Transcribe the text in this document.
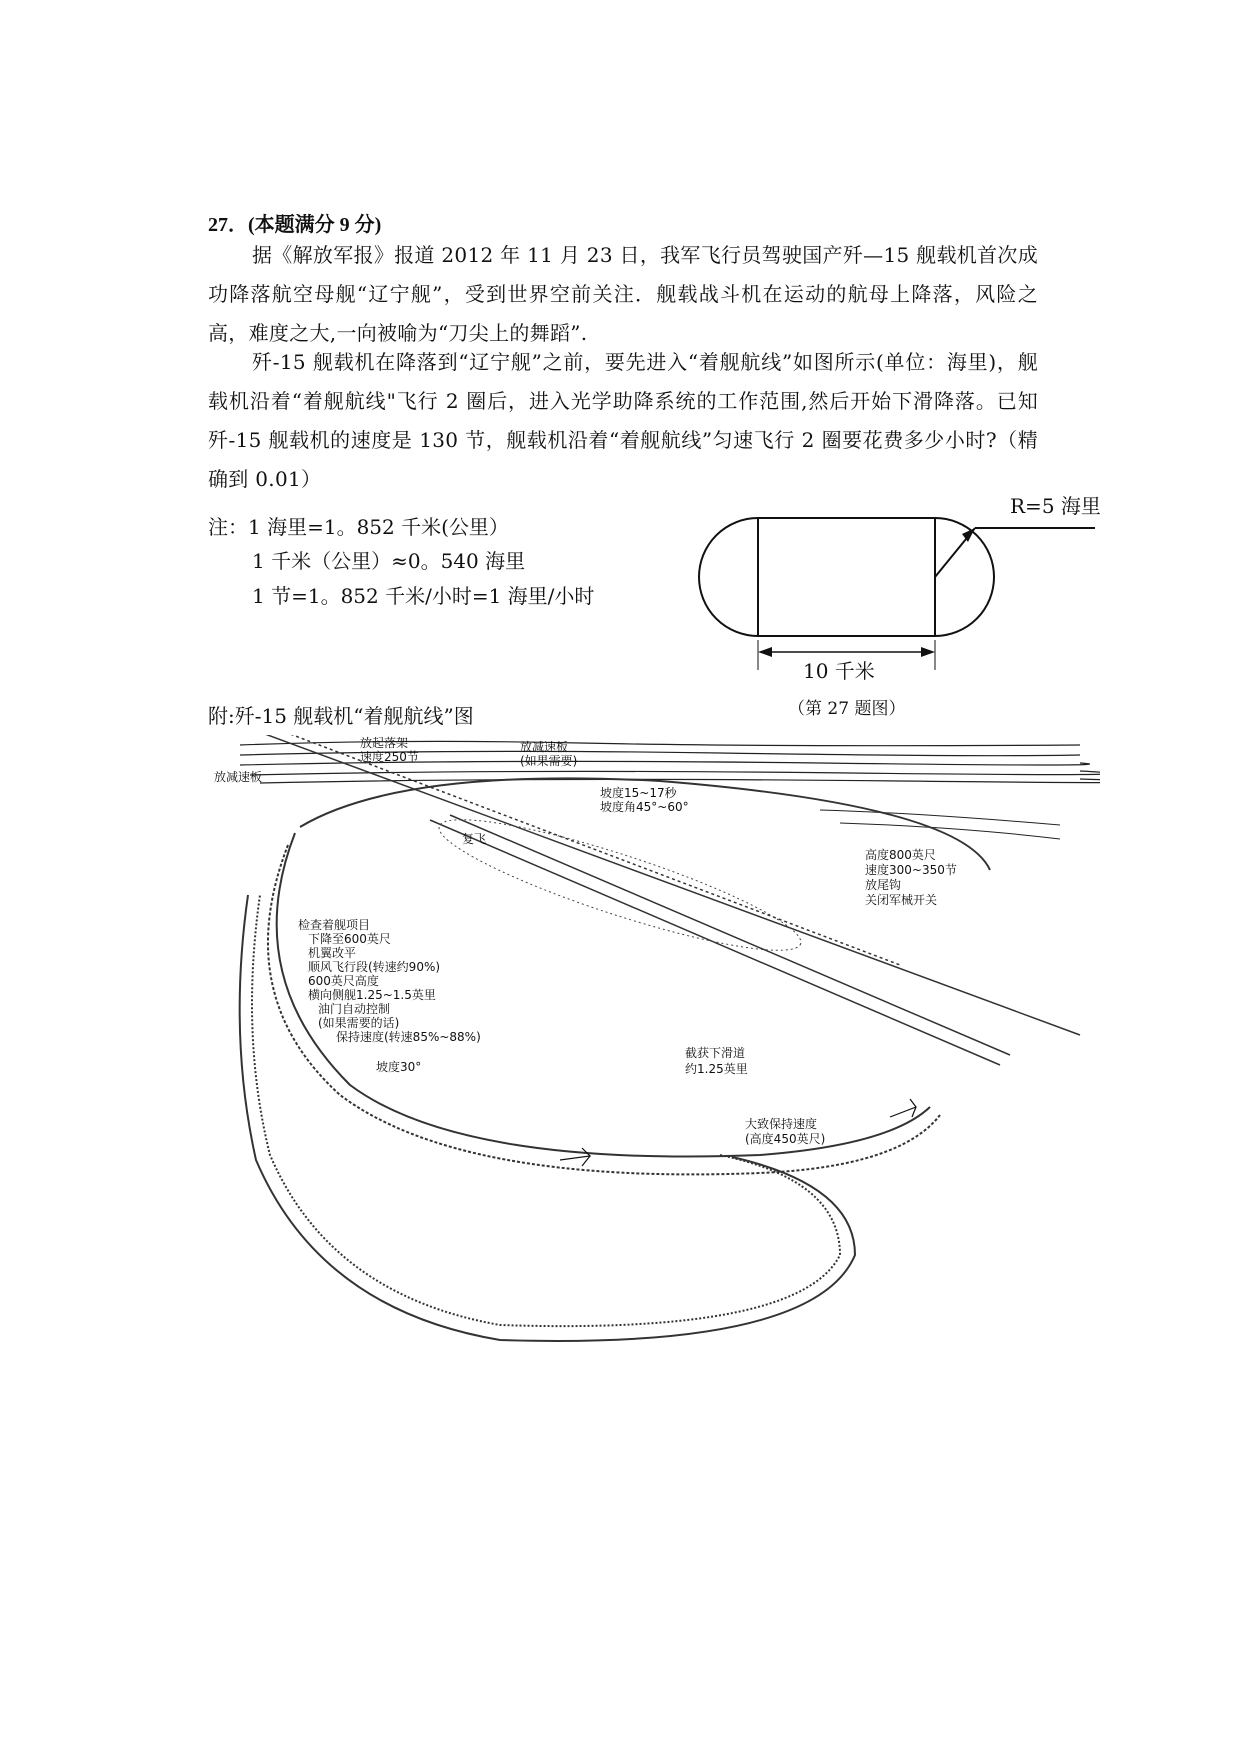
27．(本题满分 9 分)
据《解放军报》报道 2012 年 11 月 23 日，我军飞行员驾驶国产歼—15 舰载机首次成功降落航空母舰“辽宁舰”，受到世界空前关注．舰载战斗机在运动的航母上降落，风险之高，难度之大,一向被喻为“刀尖上的舞蹈”.
歼-15 舰载机在降落到“辽宁舰”之前，要先进入“着舰航线”如图所示(单位：海里)，舰载机沿着“着舰航线"飞行 2 圈后，进入光学助降系统的工作范围,然后开始下滑降落。已知歼-15 舰载机的速度是 130 节，舰载机沿着“着舰航线”匀速飞行 2 圈要花费多少小时?（精确到 0.01）
注：1 海里=1。852 千米(公里）
1 千米（公里）≈0。540 海里
1 节=1。852 千米/小时=1 海里/小时
R=5 海里
10 千米
（第 27 题图）
附:歼-15 舰载机“着舰航线”图
放减速板
放起落架
速度250节
放减速板
(如果需要)
坡度15~17秒
坡度角45°~60°
复飞
高度800英尺
速度300~350节
放尾钩
关闭军械开关
检查着舰项目
下降至600英尺
机翼改平
顺风飞行段(转速约90%)
600英尺高度
横向侧舰1.25~1.5英里
油门自动控制
(如果需要的话)
保持速度(转速85%~88%)
坡度30°
截获下滑道
约1.25英里
大致保持速度
(高度450英尺)
